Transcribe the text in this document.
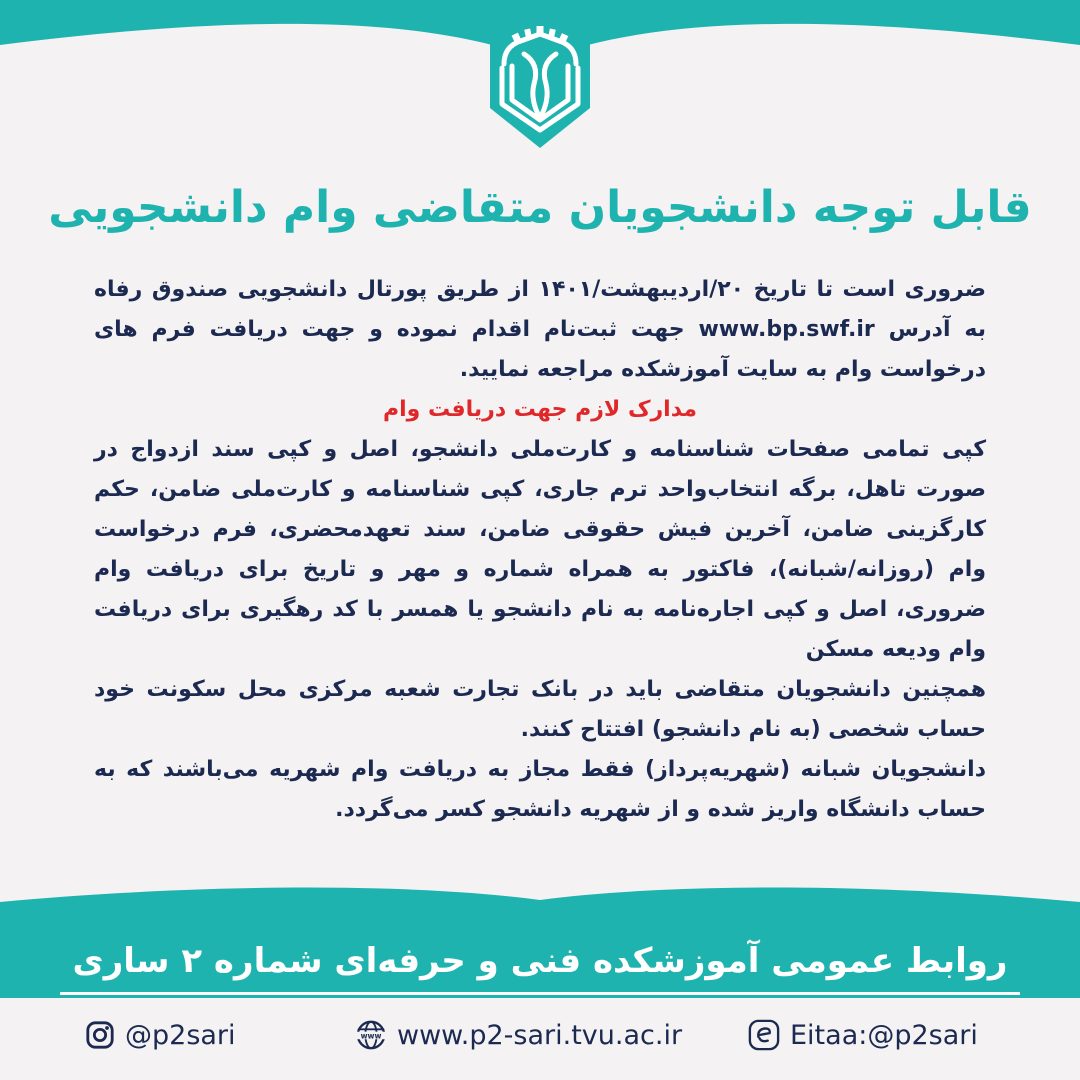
قابل توجه دانشجویان متقاضی وام دانشجویی

ضروری است تا تاریخ ۲۰/اردیبهشت/۱۴۰۱ از طریق پورتال دانشجویی صندوق رفاه به آدرس www.bp.swf.ir جهت ثبت‌نام اقدام نموده و جهت دریافت فرم های درخواست وام به سایت آموزشکده مراجعه نمایید.

مدارک لازم جهت دریافت وام

کپی تمامی صفحات شناسنامه و کارت‌ملی دانشجو، اصل و کپی سند ازدواج در صورت تاهل، برگه انتخاب‌واحد ترم جاری، کپی شناسنامه و کارت‌ملی ضامن، حکم کارگزینی ضامن، آخرین فیش حقوقی ضامن، سند تعهدمحضری، فرم درخواست وام (روزانه/شبانه)، فاکتور به همراه شماره و مهر و تاریخ برای دریافت وام ضروری، اصل و کپی اجاره‌نامه به نام دانشجو یا همسر با کد رهگیری برای دریافت وام ودیعه مسکن

همچنین دانشجویان متقاضی باید در بانک تجارت شعبه مرکزی محل سکونت خود حساب شخصی (به نام دانشجو) افتتاح کنند.

دانشجویان شبانه (شهریه‌پرداز) فقط مجاز به دریافت وام شهریه می‌باشند که به حساب دانشگاه واریز شده و از شهریه دانشجو کسر می‌گردد.

روابط عمومی آموزشکده فنی و حرفه‌ای شماره ۲ ساری
@p2sari	www www.p2-sari.tvu.ac.ir	Eitaa:@p2sari
